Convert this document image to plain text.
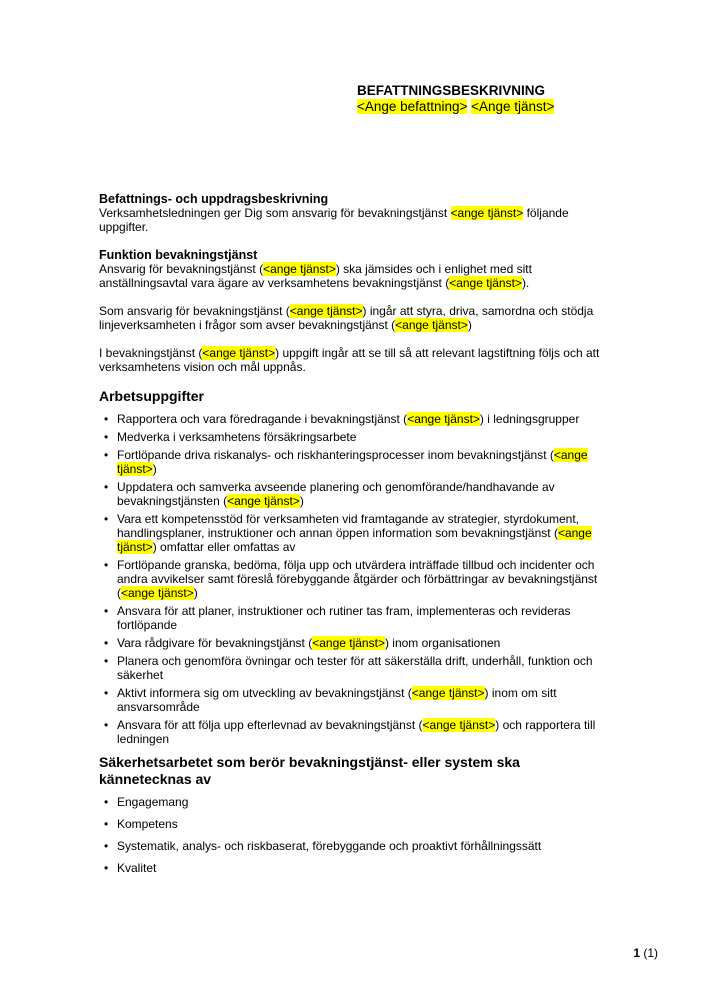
BEFATTNINGSBESKRIVNING
<Ange befattning> <Ange tjänst>
Befattnings- och uppdragsbeskrivning

Verksamhetsledningen ger Dig som ansvarig för bevakningstjänst <ange tjänst> följande uppgifter.

Funktion bevakningstjänst

Ansvarig för bevakningstjänst (<ange tjänst>) ska jämsides och i enlighet med sitt anställningsavtal vara ägare av verksamhetens bevakningstjänst (<ange tjänst>).

Som ansvarig för bevakningstjänst (<ange tjänst>) ingår att styra, driva, samordna och stödja linjeverksamheten i frågor som avser bevakningstjänst (<ange tjänst>)

I bevakningstjänst (<ange tjänst>) uppgift ingår att se till så att relevant lagstiftning följs och att verksamhetens vision och mål uppnås.

Arbetsuppgifter
• Rapportera och vara föredragande i bevakningstjänst (<ange tjänst>) i ledningsgrupper
• Medverka i verksamhetens försäkringsarbete
• Fortlöpande driva riskanalys- och riskhanteringsprocesser inom bevakningstjänst (<ange tjänst>)
• Uppdatera och samverka avseende planering och genomförande/handhavande av bevakningstjänsten (<ange tjänst>)
• Vara ett kompetensstöd för verksamheten vid framtagande av strategier, styrdokument, handlingsplaner, instruktioner och annan öppen information som bevakningstjänst (<ange tjänst>) omfattar eller omfattas av
• Fortlöpande granska, bedöma, följa upp och utvärdera inträffade tillbud och incidenter och andra avvikelser samt föreslå förebyggande åtgärder och förbättringar av bevakningstjänst (<ange tjänst>)
• Ansvara för att planer, instruktioner och rutiner tas fram, implementeras och revideras fortlöpande
• Vara rådgivare för bevakningstjänst (<ange tjänst>) inom organisationen
• Planera och genomföra övningar och tester för att säkerställa drift, underhåll, funktion och säkerhet
• Aktivt informera sig om utveckling av bevakningstjänst (<ange tjänst>) inom om sitt ansvarsområde
• Ansvara för att följa upp efterlevnad av bevakningstjänst (<ange tjänst>) och rapportera till ledningen
Säkerhetsarbetet som berör bevakningstjänst- eller system ska kännetecknas av
• Engagemang
• Kompetens
• Systematik, analys- och riskbaserat, förebyggande och proaktivt förhållningssätt
• Kvalitet
1 (1)
